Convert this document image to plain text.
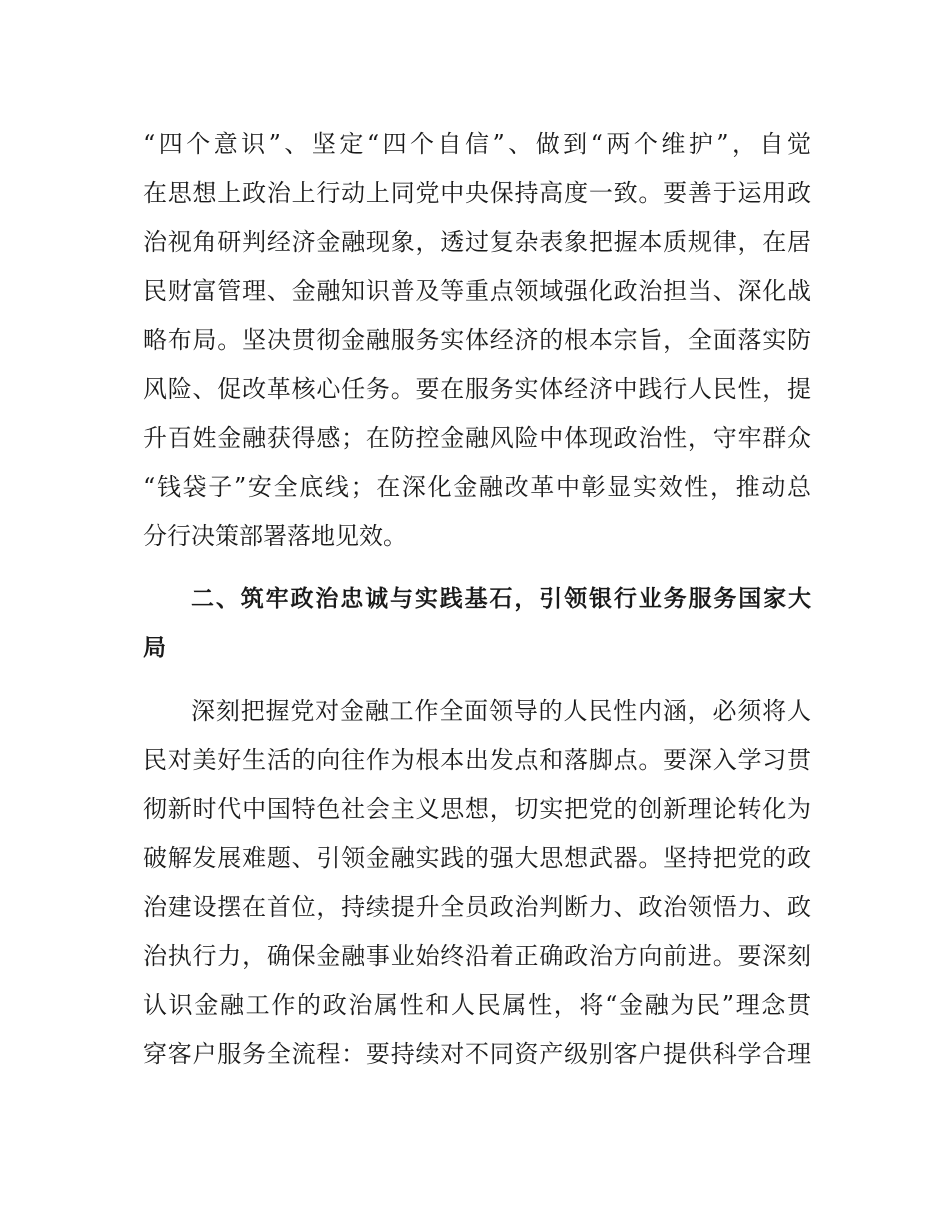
“四个意识”、坚定“四个自信”、做到“两个维护”，自觉
在思想上政治上行动上同党中央保持高度一致。要善于运用政
治视角研判经济金融现象，透过复杂表象把握本质规律，在居
民财富管理、金融知识普及等重点领域强化政治担当、深化战
略布局。坚决贯彻金融服务实体经济的根本宗旨，全面落实防
风险、促改革核心任务。要在服务实体经济中践行人民性，提
升百姓金融获得感；在防控金融风险中体现政治性，守牢群众
“钱袋子”安全底线；在深化金融改革中彰显实效性，推动总
分行决策部署落地见效。
二、筑牢政治忠诚与实践基石，引领银行业务服务国家大
局
深刻把握党对金融工作全面领导的人民性内涵，必须将人
民对美好生活的向往作为根本出发点和落脚点。要深入学习贯
彻新时代中国特色社会主义思想，切实把党的创新理论转化为
破解发展难题、引领金融实践的强大思想武器。坚持把党的政
治建设摆在首位，持续提升全员政治判断力、政治领悟力、政
治执行力，确保金融事业始终沿着正确政治方向前进。要深刻
认识金融工作的政治属性和人民属性，将“金融为民”理念贯
穿客户服务全流程：要持续对不同资产级别客户提供科学合理
